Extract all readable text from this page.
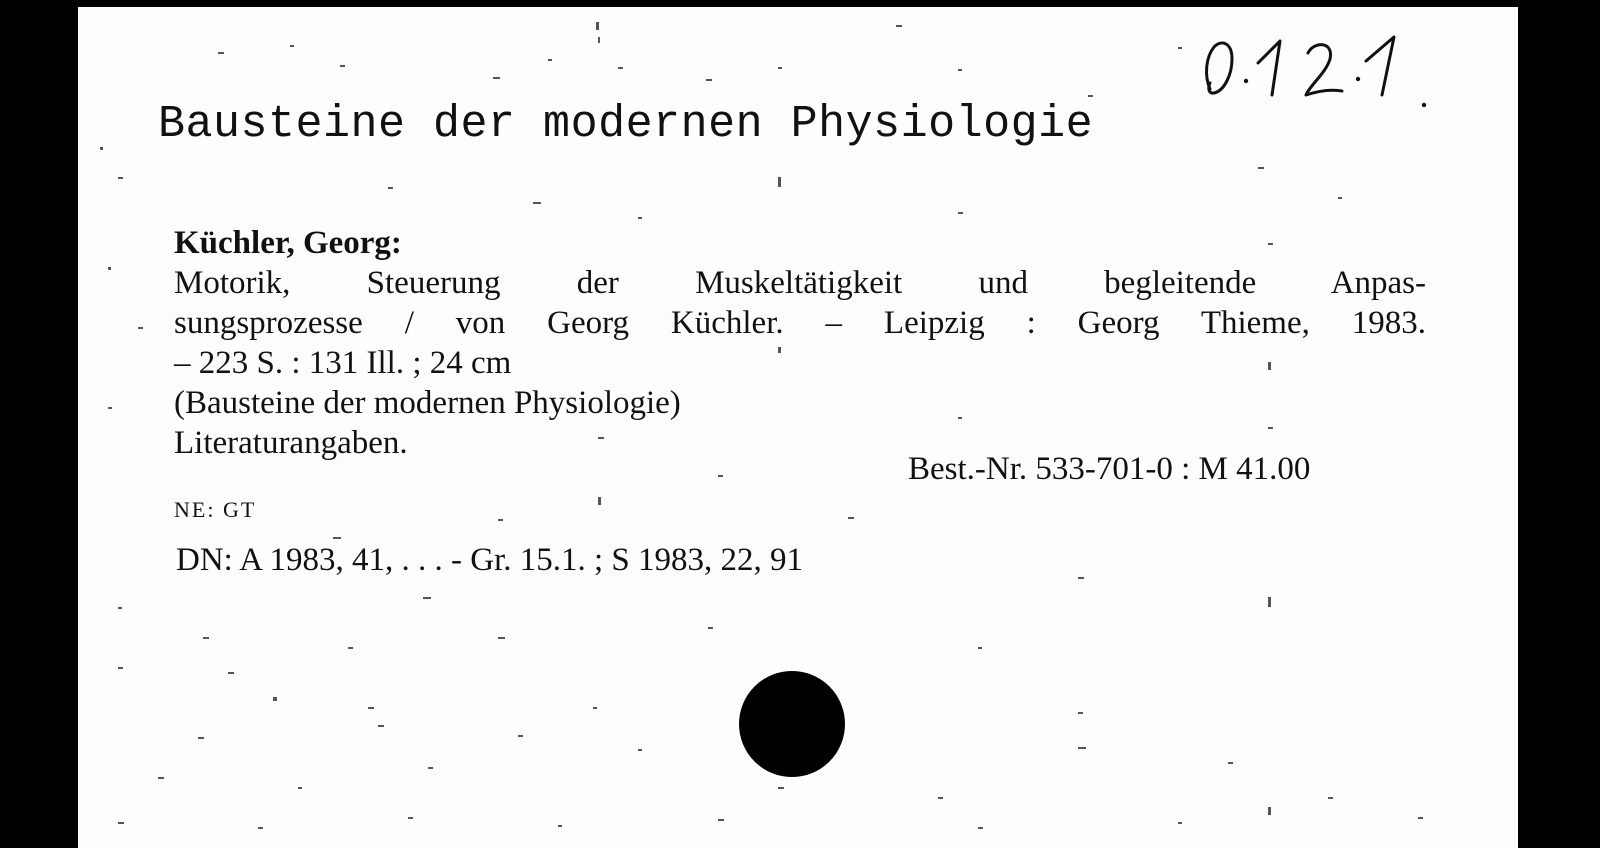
Bausteine der modernen Physiologie
Küchler, Georg:
Motorik, Steuerung der Muskeltätigkeit und begleitende Anpas-
sungsprozesse / von Georg Küchler. – Leipzig : Georg Thieme, 1983.
– 223 S. : 131 Ill. ; 24 cm
(Bausteine der modernen Physiologie)
Literaturangaben.
Best.-Nr. 533-701-0 : M 41.00
NE: GT
DN: A 1983, 41, . . . - Gr. 15.1. ; S 1983, 22, 91
